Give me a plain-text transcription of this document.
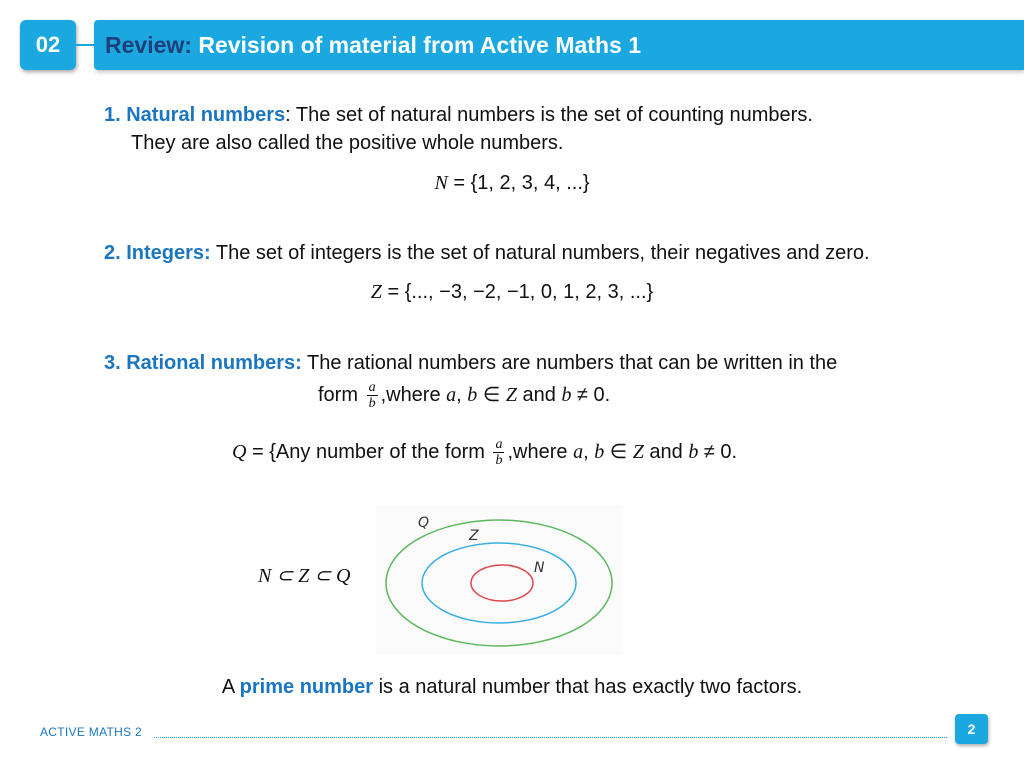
02 Review:
Revision of material from Active Maths 1
1. Natural numbers: The set of natural numbers is the set of counting numbers.
They are also called the positive whole numbers.
N = {1, 2, 3, 4, ...}
2. Integers: The set of integers is the set of natural numbers, their negatives and zero.
Z = {..., −3, −2, −1, 0, 1, 2, 3, ...}
3. Rational numbers: The rational numbers are numbers that can be written in the
form $\frac{a}{b}$ ,where a, b ∈ Z and b ≠ 0.
Q = {Any number of the form $\frac{a}{b}$ ,where a, b ∈ Z and b ≠ 0.
N ⊂ Z ⊂ Q
Q
Z
N
A prime number is a natural number that has exactly two factors.
ACTIVE MATHS 2	2
